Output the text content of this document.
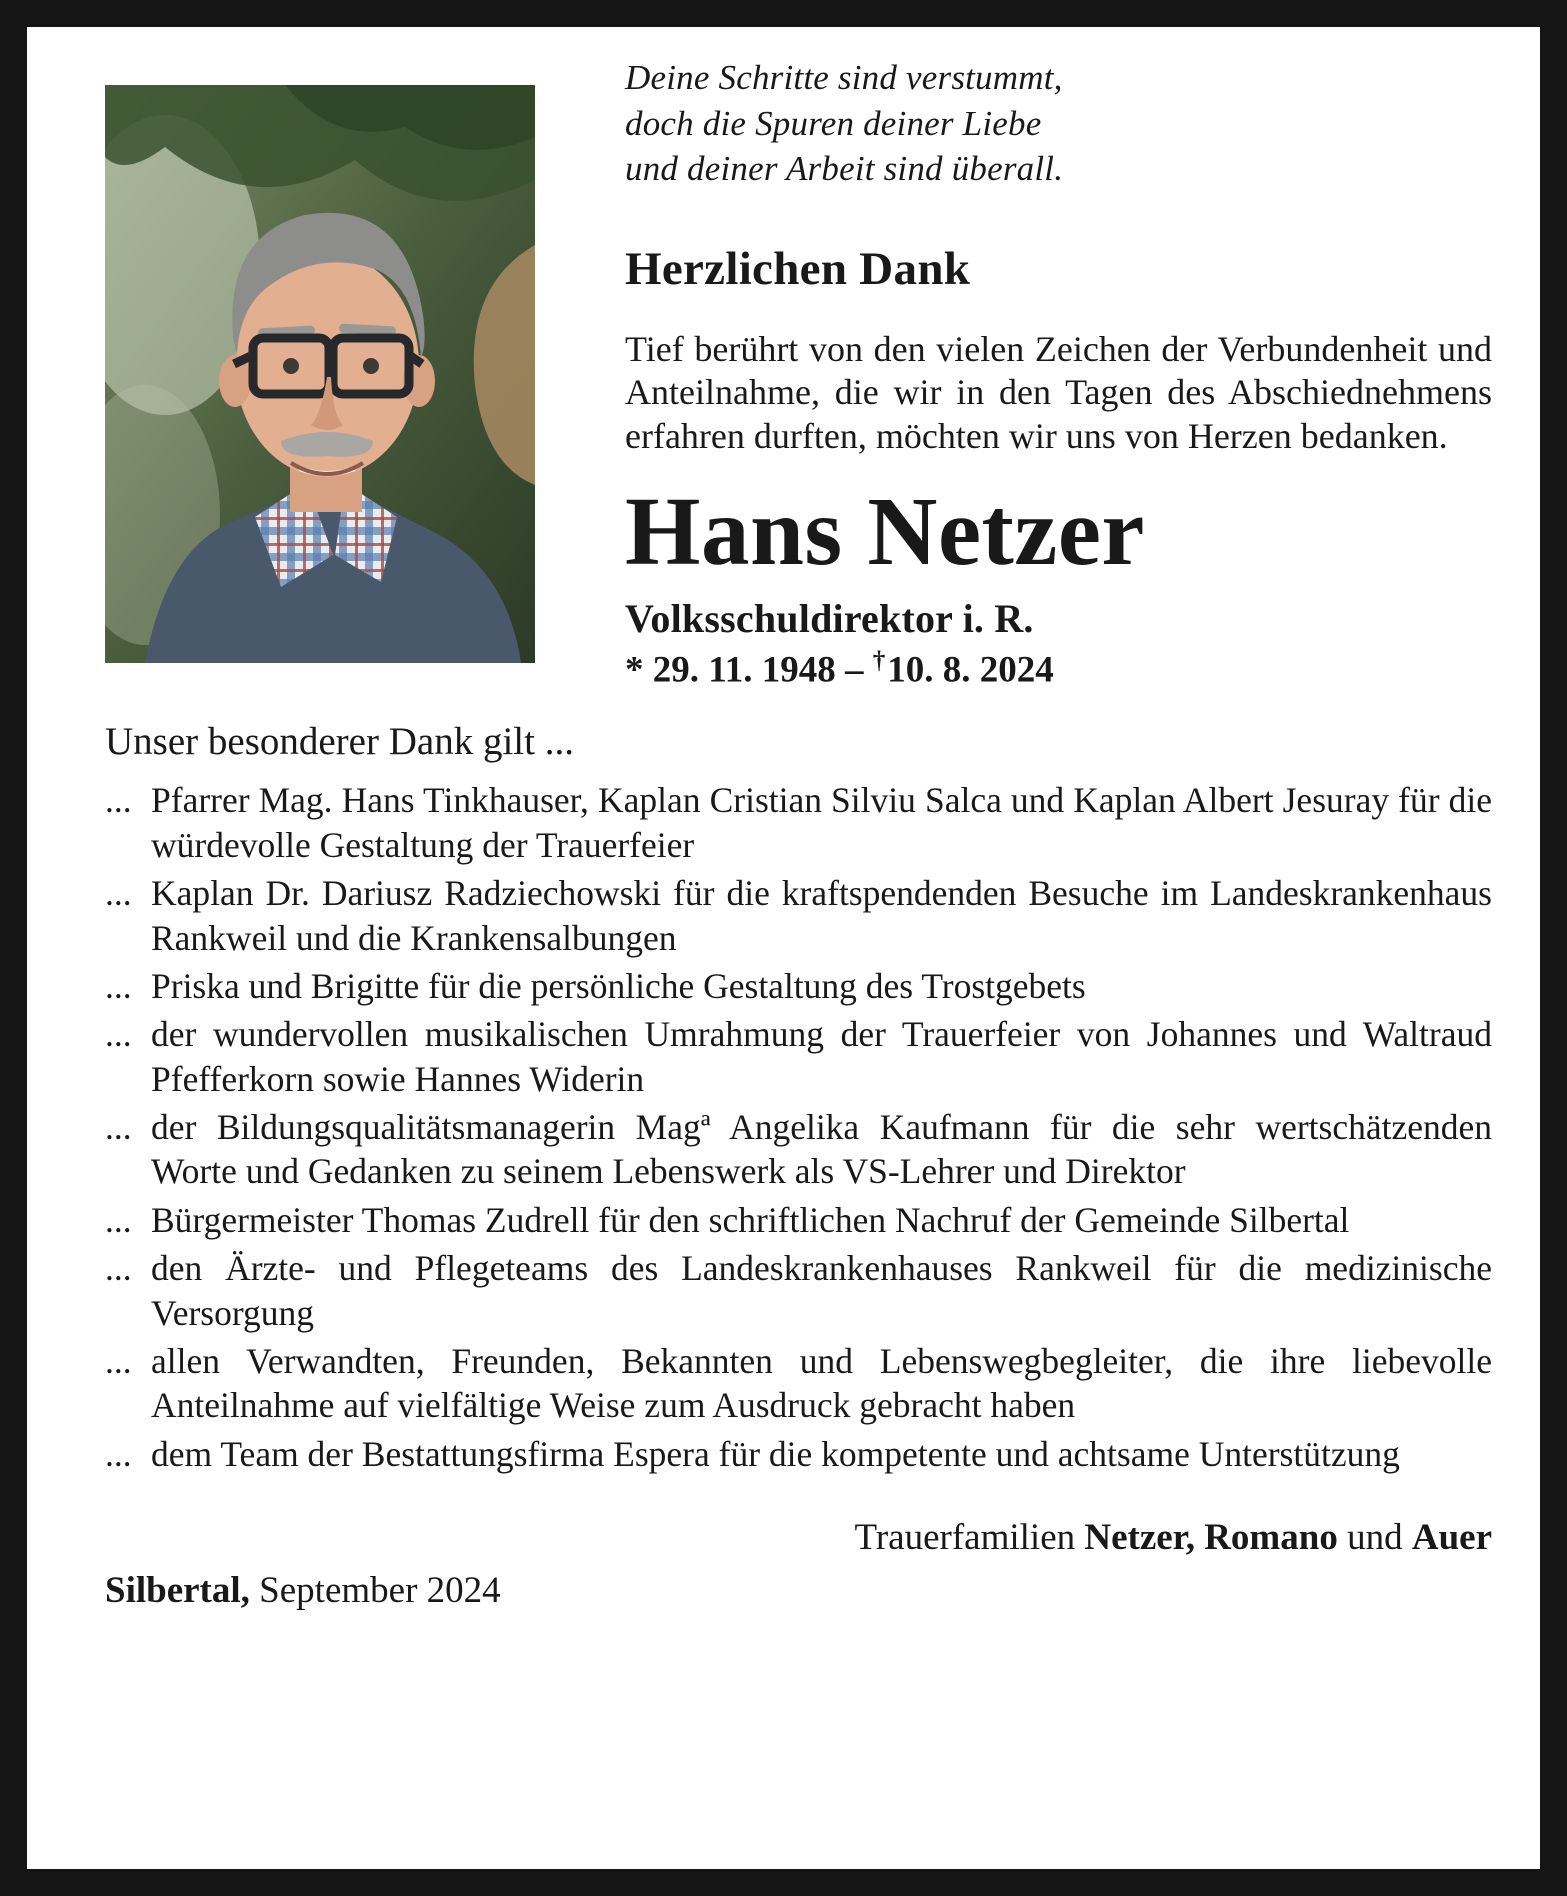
Deine Schritte sind verstummt,
doch die Spuren deiner Liebe
und deiner Arbeit sind überall.
Herzlichen Dank

Tief berührt von den vielen Zeichen der Verbundenheit und Anteilnahme, die wir in den Tagen des Abschiednehmens erfahren durften, möchten wir uns von Herzen bedanken.

Hans Netzer
Volksschuldirektor i. R.
* 29. 11. 1948 – †10. 8. 2024
Unser besonderer Dank gilt ...
... Pfarrer Mag. Hans Tinkhauser, Kaplan Cristian Silviu Salca und Kaplan Albert Jesuray für die würdevolle Gestaltung der Trauerfeier
... Kaplan Dr. Dariusz Radziechowski für die kraftspendenden Besuche im Landeskrankenhaus Rankweil und die Krankensalbungen
... Priska und Brigitte für die persönliche Gestaltung des Trostgebets
... der wundervollen musikalischen Umrahmung der Trauerfeier von Johannes und Waltraud Pfefferkorn sowie Hannes Widerin
... der Bildungsqualitätsmanagerin Magª Angelika Kaufmann für die sehr wertschätzenden Worte und Gedanken zu seinem Lebenswerk als VS-Lehrer und Direktor
... Bürgermeister Thomas Zudrell für den schriftlichen Nachruf der Gemeinde Silbertal
... den Ärzte- und Pflegeteams des Landeskrankenhauses Rankweil für die medizinische Versorgung
... allen Verwandten, Freunden, Bekannten und Lebenswegbegleiter, die ihre liebevolle Anteilnahme auf vielfältige Weise zum Ausdruck gebracht haben
... dem Team der Bestattungsfirma Espera für die kompetente und achtsame Unterstützung
Trauerfamilien Netzer, Romano und Auer
Silbertal, September 2024
